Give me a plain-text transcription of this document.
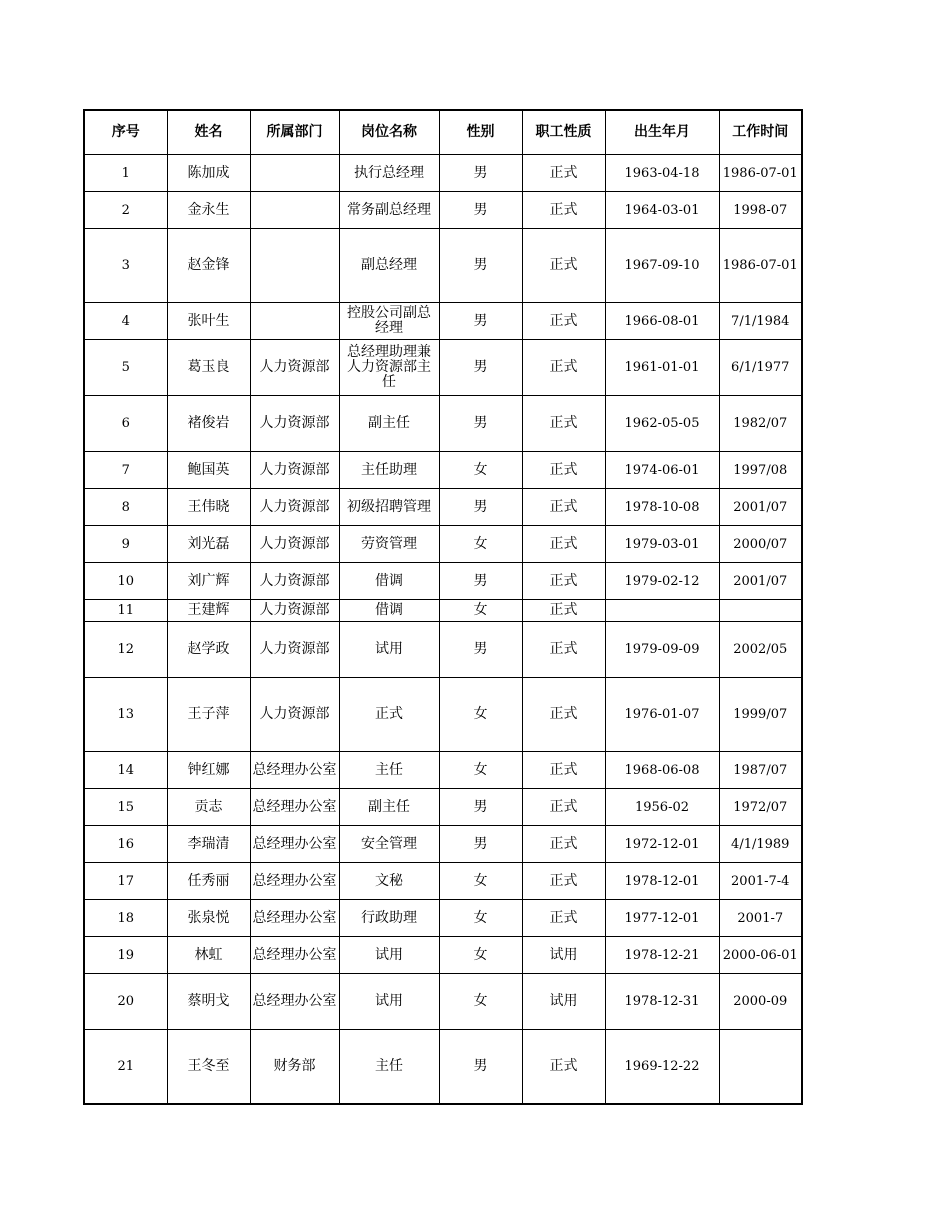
序号	姓名	所属部门	岗位名称	性别	职工性质	出生年月	工作时间
1	陈加成		执行总经理	男	正式	1963-04-18	1986-07-01
2	金永生		常务副总经理	男	正式	1964-03-01	1998-07
3	赵金锋		副总经理	男	正式	1967-09-10	1986-07-01
4	张叶生		控股公司副总经理	男	正式	1966-08-01	7/1/1984
5	葛玉良	人力资源部	总经理助理兼人力资源部主任	男	正式	1961-01-01	6/1/1977
6	褚俊岩	人力资源部	副主任	男	正式	1962-05-05	1982/07
7	鲍国英	人力资源部	主任助理	女	正式	1974-06-01	1997/08
8	王伟晓	人力资源部	初级招聘管理	男	正式	1978-10-08	2001/07
9	刘光磊	人力资源部	劳资管理	女	正式	1979-03-01	2000/07
10	刘广辉	人力资源部	借调	男	正式	1979-02-12	2001/07
11	王建辉	人力资源部	借调	女	正式		
12	赵学政	人力资源部	试用	男	正式	1979-09-09	2002/05
13	王子萍	人力资源部	正式	女	正式	1976-01-07	1999/07
14	钟红娜	总经理办公室	主任	女	正式	1968-06-08	1987/07
15	贡志	总经理办公室	副主任	男	正式	1956-02	1972/07
16	李瑞清	总经理办公室	安全管理	男	正式	1972-12-01	4/1/1989
17	任秀丽	总经理办公室	文秘	女	正式	1978-12-01	2001-7-4
18	张泉悦	总经理办公室	行政助理	女	正式	1977-12-01	2001-7
19	林虹	总经理办公室	试用	女	试用	1978-12-21	2000-06-01
20	蔡明戈	总经理办公室	试用	女	试用	1978-12-31	2000-09
21	王冬至	财务部	主任	男	正式	1969-12-22	
